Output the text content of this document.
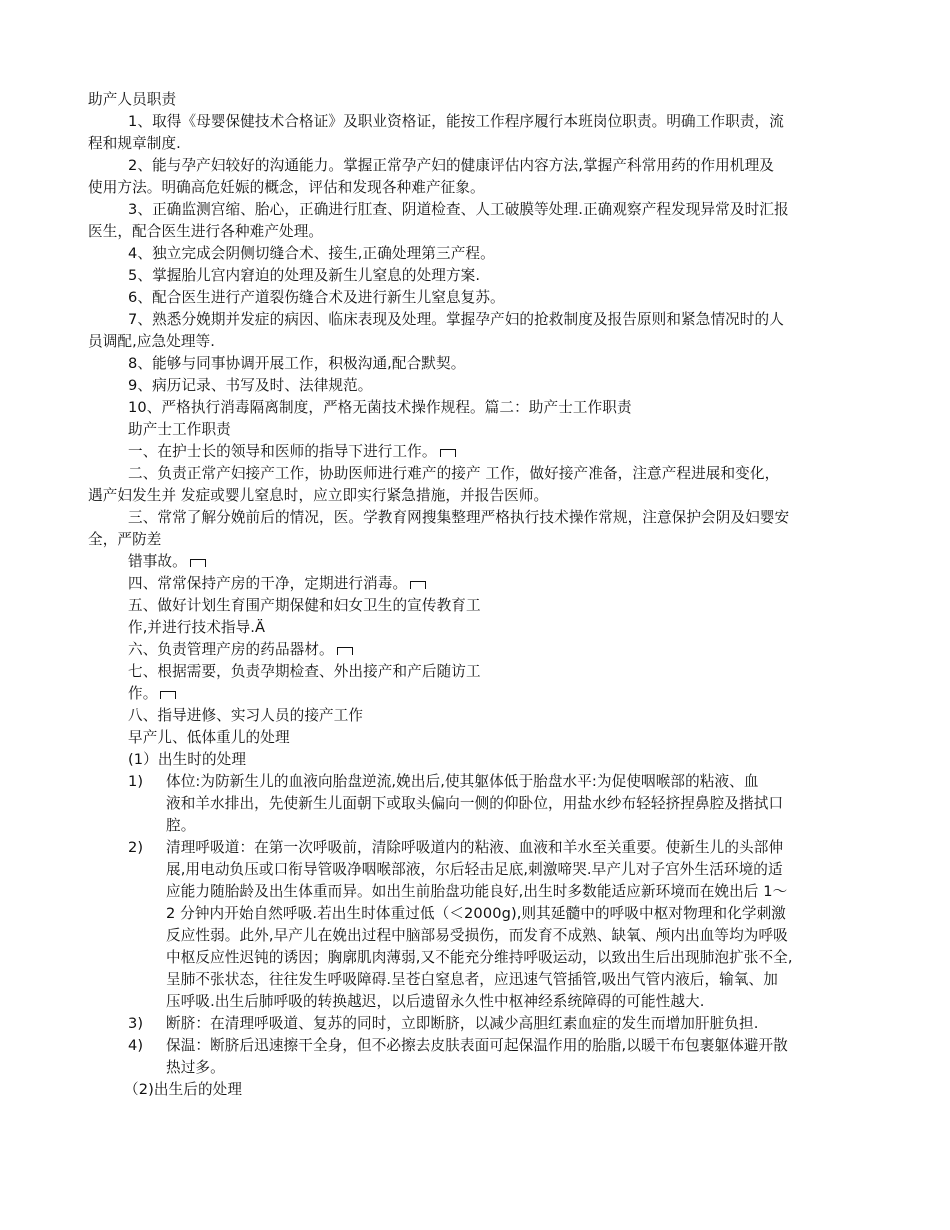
助产人员职责
1、取得《母婴保健技术合格证》及职业资格证，能按工作程序履行本班岗位职责。明确工作职责，流
程和规章制度.
2、能与孕产妇较好的沟通能力。掌握正常孕产妇的健康评估内容方法,掌握产科常用药的作用机理及
使用方法。明确高危妊娠的概念，评估和发现各种难产征象。
3、正确监测宫缩、胎心，正确进行肛查、阴道检查、人工破膜等处理.正确观察产程发现异常及时汇报
医生，配合医生进行各种难产处理。
4、独立完成会阴侧切缝合术、接生,正确处理第三产程。
5、掌握胎儿宫内窘迫的处理及新生儿窒息的处理方案.
6、配合医生进行产道裂伤缝合术及进行新生儿窒息复苏。
7、熟悉分娩期并发症的病因、临床表现及处理。掌握孕产妇的抢救制度及报告原则和紧急情况时的人
员调配,应急处理等.
8、能够与同事协调开展工作，积极沟通,配合默契。
9、病历记录、书写及时、法律规范。
10、严格执行消毒隔离制度，严格无菌技术操作规程。篇二：助产士工作职责
助产士工作职责
一、在护士长的领导和医师的指导下进行工作。
二、负责正常产妇接产工作，协助医师进行难产的接产 工作，做好接产准备，注意产程进展和变化，
遇产妇发生并 发症或婴儿窒息时，应立即实行紧急措施，并报告医师。
三、常常了解分娩前后的情况，医。学教育网搜集整理严格执行技术操作常规，注意保护会阴及妇婴安
全，严防差
错事故。
四、常常保持产房的干净，定期进行消毒。
五、做好计划生育围产期保健和妇女卫生的宣传教育工
作,并进行技术指导.Ä
六、负责管理产房的药品器材。
七、根据需要，负责孕期检查、外出接产和产后随访工
作。
八、指导进修、实习人员的接产工作
早产儿、低体重儿的处理
(1）出生时的处理
1) 体位:为防新生儿的血液向胎盘逆流,娩出后,使其躯体低于胎盘水平:为促使咽喉部的粘液、血
液和羊水排出，先使新生儿面朝下或取头偏向一侧的仰卧位，用盐水纱布轻轻挤捏鼻腔及揩拭口
腔。
2) 清理呼吸道：在第一次呼吸前，清除呼吸道内的粘液、血液和羊水至关重要。使新生儿的头部伸
展,用电动负压或口衔导管吸净咽喉部液，尔后轻击足底,刺激啼哭.早产儿对子宫外生活环境的适
应能力随胎龄及出生体重而异。如出生前胎盘功能良好,出生时多数能适应新环境而在娩出后 1～
2 分钟内开始自然呼吸.若出生时体重过低（＜2000g),则其延髓中的呼吸中枢对物理和化学刺激
反应性弱。此外,早产儿在娩出过程中脑部易受损伤，而发育不成熟、缺氧、颅内出血等均为呼吸
中枢反应性迟钝的诱因；胸廓肌肉薄弱,又不能充分维持呼吸运动，以致出生后出现肺泡扩张不全,
呈肺不张状态，往往发生呼吸障碍.呈苍白窒息者，应迅速气管插管,吸出气管内液后，输氧、加
压呼吸.出生后肺呼吸的转换越迟，以后遗留永久性中枢神经系统障碍的可能性越大.
3) 断脐：在清理呼吸道、复苏的同时，立即断脐，以减少高胆红素血症的发生而增加肝脏负担.
4) 保温：断脐后迅速擦干全身，但不必擦去皮肤表面可起保温作用的胎脂,以暖干布包裹躯体避开散
热过多。
（2)出生后的处理
